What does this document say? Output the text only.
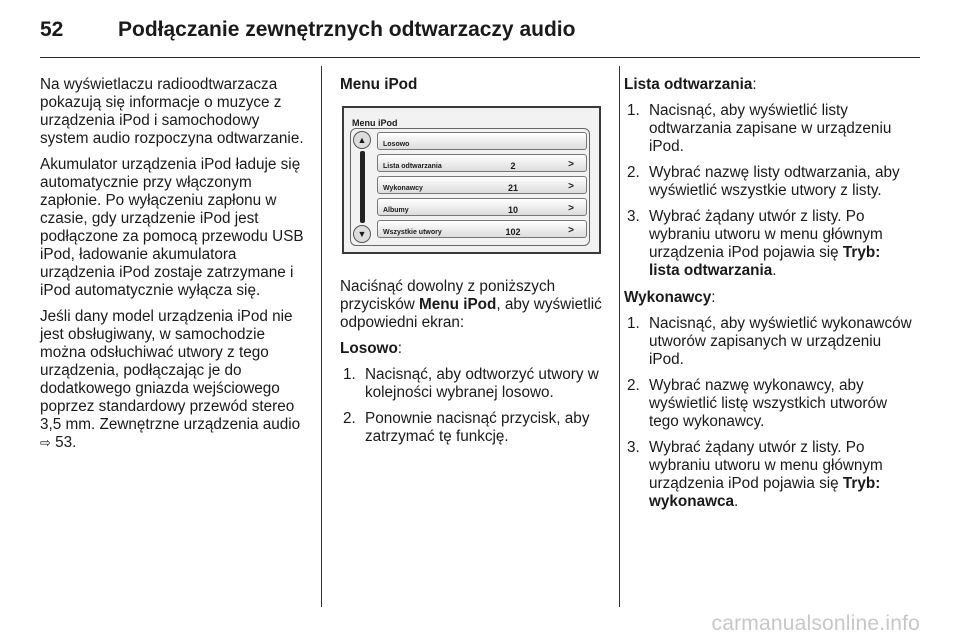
52	Podłączanie zewnętrznych odtwarzaczy audio

Na wyświetlaczu radioodtwarzacza pokazują się informacje o muzyce z urządzenia iPod i samochodowy system audio rozpoczyna odtwarzanie.

Akumulator urządzenia iPod ładuje się automatycznie przy włączonym zapłonie. Po wyłączeniu zapłonu w czasie, gdy urządzenie iPod jest podłączone za pomocą przewodu USB iPod, ładowanie akumulatora urządzenia iPod zostaje zatrzymane i iPod automatycznie wyłącza się.

Jeśli dany model urządzenia iPod nie jest obsługiwany, w samochodzie można odsłuchiwać utwory z tego urządzenia, podłączając je do dodatkowego gniazda wejściowego poprzez standardowy przewód stereo 3,5 mm. Zewnętrzne urządzenia audio ⇨ 53.

Menu iPod
Menu iPod
▲
▼
Losowo
Lista odtwarzania	2	>
Wykonawcy	21	>
Albumy	10	>
Wszystkie utwory	102	>

Naciśnąć dowolny z poniższych przycisków Menu iPod, aby wyświetlić odpowiedni ekran:

Losowo:

1. Nacisnąć, aby odtworzyć utwory w kolejności wybranej losowo.
2. Ponownie nacisnąć przycisk, aby zatrzymać tę funkcję.

Lista odtwarzania:

1. Nacisnąć, aby wyświetlić listy odtwarzania zapisane w urządzeniu iPod.
2. Wybrać nazwę listy odtwarzania, aby wyświetlić wszystkie utwory z listy.
3. Wybrać żądany utwór z listy. Po wybraniu utworu w menu głównym urządzenia iPod pojawia się Tryb: lista odtwarzania.

Wykonawcy:

1. Nacisnąć, aby wyświetlić wykonawców utworów zapisanych w urządzeniu iPod.
2. Wybrać nazwę wykonawcy, aby wyświetlić listę wszystkich utworów tego wykonawcy.
3. Wybrać żądany utwór z listy. Po wybraniu utworu w menu głównym urządzenia iPod pojawia się Tryb: wykonawca.
carmanualsonline.info
